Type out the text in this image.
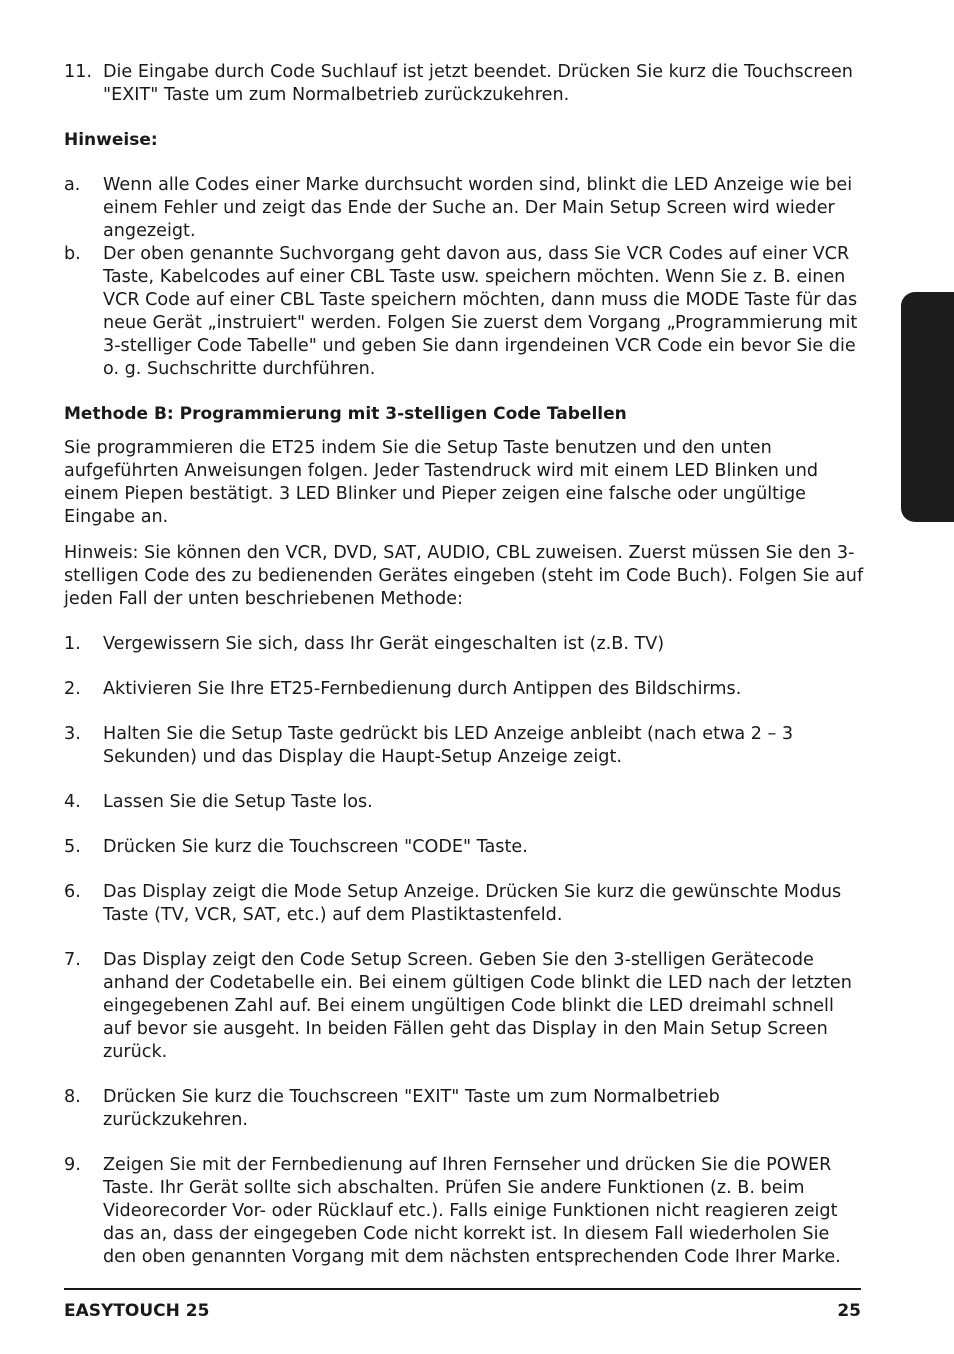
11. Die Eingabe durch Code Suchlauf ist jetzt beendet. Drücken Sie kurz die Touchscreen "EXIT" Taste um zum Normalbetrieb zurückzukehren.
Hinweise:
a. Wenn alle Codes einer Marke durchsucht worden sind, blinkt die LED Anzeige wie bei einem Fehler und zeigt das Ende der Suche an. Der Main Setup Screen wird wieder angezeigt.
b. Der oben genannte Suchvorgang geht davon aus, dass Sie VCR Codes auf einer VCR Taste, Kabelcodes auf einer CBL Taste usw. speichern möchten. Wenn Sie z. B. einen VCR Code auf einer CBL Taste speichern möchten, dann muss die MODE Taste für das neue Gerät „instruiert" werden. Folgen Sie zuerst dem Vorgang „Programmierung mit 3-stelliger Code Tabelle" und geben Sie dann irgendeinen VCR Code ein bevor Sie die o. g. Suchschritte durchführen.
Methode B: Programmierung mit 3-stelligen Code Tabellen

Sie programmieren die ET25 indem Sie die Setup Taste benutzen und den unten aufgeführten Anweisungen folgen. Jeder Tastendruck wird mit einem LED Blinken und einem Piepen bestätigt. 3 LED Blinker und Pieper zeigen eine falsche oder ungültige Eingabe an.

Hinweis: Sie können den VCR, DVD, SAT, AUDIO, CBL zuweisen. Zuerst müssen Sie den 3-stelligen Code des zu bedienenden Gerätes eingeben (steht im Code Buch). Folgen Sie auf jeden Fall der unten beschriebenen Methode:

1. Vergewissern Sie sich, dass Ihr Gerät eingeschalten ist (z.B. TV)
2. Aktivieren Sie Ihre ET25-Fernbedienung durch Antippen des Bildschirms.
3. Halten Sie die Setup Taste gedrückt bis LED Anzeige anbleibt (nach etwa 2 – 3 Sekunden) und das Display die Haupt-Setup Anzeige zeigt.
4. Lassen Sie die Setup Taste los.
5. Drücken Sie kurz die Touchscreen "CODE" Taste.
6. Das Display zeigt die Mode Setup Anzeige. Drücken Sie kurz die gewünschte Modus Taste (TV, VCR, SAT, etc.) auf dem Plastiktastenfeld.
7. Das Display zeigt den Code Setup Screen. Geben Sie den 3-stelligen Gerätecode anhand der Codetabelle ein. Bei einem gültigen Code blinkt die LED nach der letzten eingegebenen Zahl auf. Bei einem ungültigen Code blinkt die LED dreimahl schnell auf bevor sie ausgeht. In beiden Fällen geht das Display in den Main Setup Screen zurück.
8. Drücken Sie kurz die Touchscreen "EXIT" Taste um zum Normalbetrieb zurückzukehren.
9. Zeigen Sie mit der Fernbedienung auf Ihren Fernseher und drücken Sie die POWER Taste. Ihr Gerät sollte sich abschalten. Prüfen Sie andere Funktionen (z. B. beim Videorecorder Vor- oder Rücklauf etc.). Falls einige Funktionen nicht reagieren zeigt das an, dass der eingegeben Code nicht korrekt ist. In diesem Fall wiederholen Sie den oben genannten Vorgang mit dem nächsten entsprechenden Code Ihrer Marke.
EASYTOUCH 25	25
